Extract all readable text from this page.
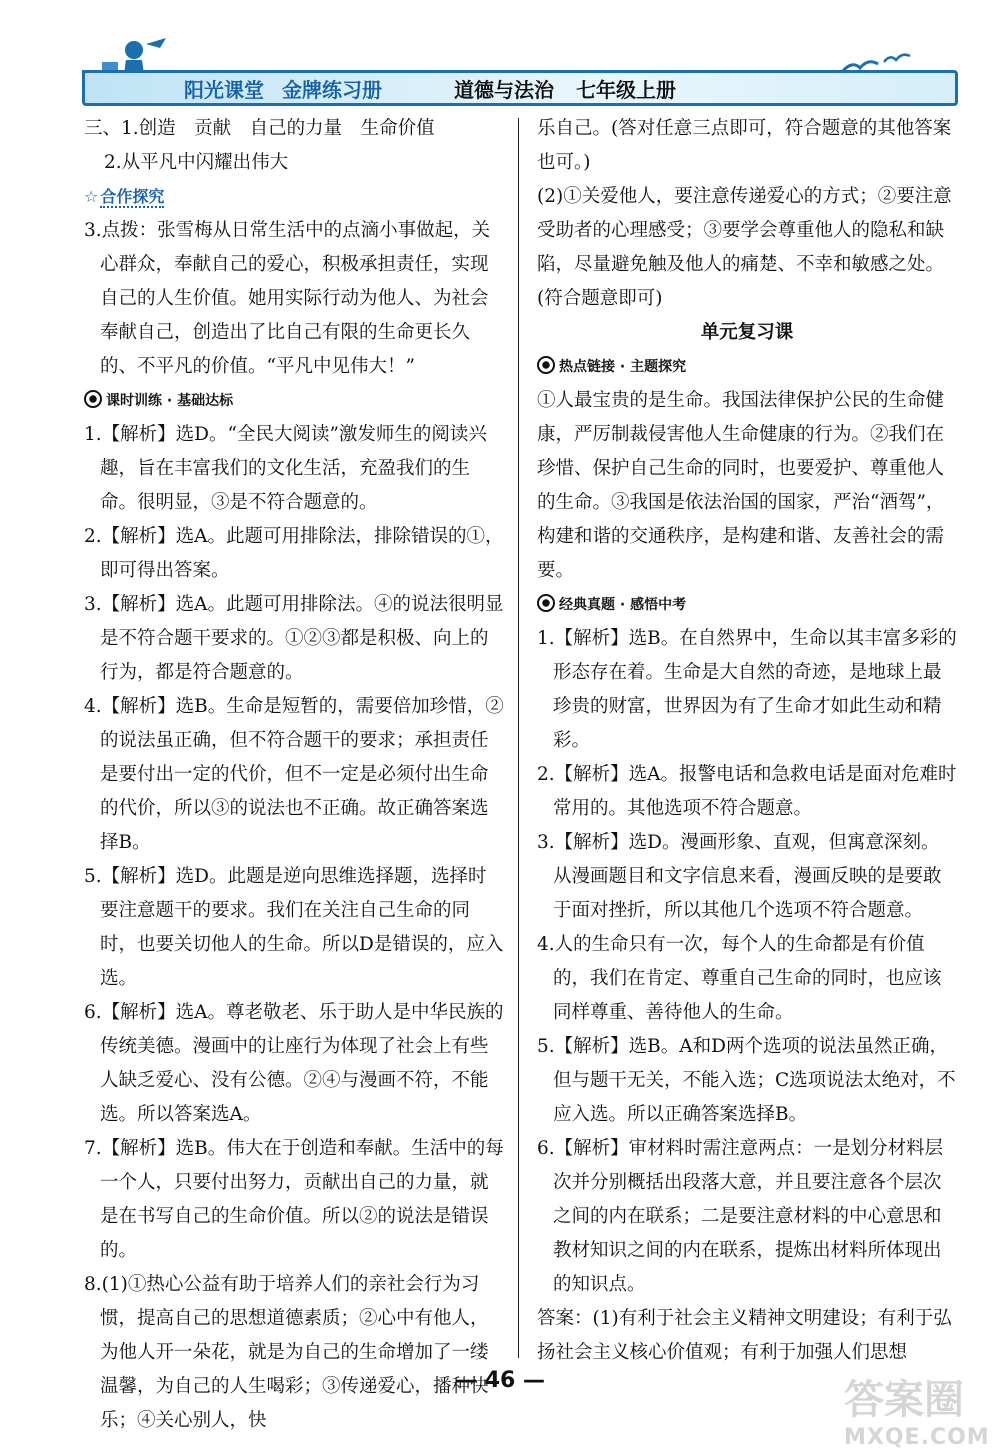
阳光课堂 金牌练习册	道德与法治 七年级上册

三、1.创造　贡献　自己的力量　生命价值

2.从平凡中闪耀出伟大

☆ 合作探究

3.点拨：张雪梅从日常生活中的点滴小事做起，关心群众，奉献自己的爱心，积极承担责任，实现自己的人生价值。她用实际行动为他人、为社会奉献自己，创造出了比自己有限的生命更长久的、不平凡的价值。“平凡中见伟大！”

课时训练 · 基础达标

1.【解析】选D。“全民大阅读”激发师生的阅读兴趣，旨在丰富我们的文化生活，充盈我们的生命。很明显，③是不符合题意的。

2.【解析】选A。此题可用排除法，排除错误的①，即可得出答案。

3.【解析】选A。此题可用排除法。④的说法很明显是不符合题干要求的。①②③都是积极、向上的行为，都是符合题意的。

4.【解析】选B。生命是短暂的，需要倍加珍惜，②的说法虽正确，但不符合题干的要求；承担责任是要付出一定的代价，但不一定是必须付出生命的代价，所以③的说法也不正确。故正确答案选择B。

5.【解析】选D。此题是逆向思维选择题，选择时要注意题干的要求。我们在关注自己生命的同时，也要关切他人的生命。所以D是错误的，应入选。

6.【解析】选A。尊老敬老、乐于助人是中华民族的传统美德。漫画中的让座行为体现了社会上有些人缺乏爱心、没有公德。②④与漫画不符，不能选。所以答案选A。

7.【解析】选B。伟大在于创造和奉献。生活中的每一个人，只要付出努力，贡献出自己的力量，就是在书写自己的生命价值。所以②的说法是错误的。

8.(1)①热心公益有助于培养人们的亲社会行为习惯，提高自己的思想道德素质；②心中有他人，为他人开一朵花，就是为自己的生命增加了一缕温馨，为自己的人生喝彩；③传递爱心，播种快乐；④关心别人，快

乐自己。(答对任意三点即可，符合题意的其他答案也可。)

(2)①关爱他人，要注意传递爱心的方式；②要注意受助者的心理感受；③要学会尊重他人的隐私和缺陷，尽量避免触及他人的痛楚、不幸和敏感之处。(符合题意即可)

单元复习课

热点链接 · 主题探究

①人最宝贵的是生命。我国法律保护公民的生命健康，严厉制裁侵害他人生命健康的行为。②我们在珍惜、保护自己生命的同时，也要爱护、尊重他人的生命。③我国是依法治国的国家，严治“酒驾”，构建和谐的交通秩序，是构建和谐、友善社会的需要。

经典真题 · 感悟中考

1.【解析】选B。在自然界中，生命以其丰富多彩的形态存在着。生命是大自然的奇迹，是地球上最珍贵的财富，世界因为有了生命才如此生动和精彩。

2.【解析】选A。报警电话和急救电话是面对危难时常用的。其他选项不符合题意。

3.【解析】选D。漫画形象、直观，但寓意深刻。从漫画题目和文字信息来看，漫画反映的是要敢于面对挫折，所以其他几个选项不符合题意。

4.人的生命只有一次，每个人的生命都是有价值的，我们在肯定、尊重自己生命的同时，也应该同样尊重、善待他人的生命。

5.【解析】选B。A和D两个选项的说法虽然正确，但与题干无关，不能入选；C选项说法太绝对，不应入选。所以正确答案选择B。

6.【解析】审材料时需注意两点：一是划分材料层次并分别概括出段落大意，并且要注意各个层次之间的内在联系；二是要注意材料的中心意思和教材知识之间的内在联系，提炼出材料所体现出的知识点。

答案：(1)有利于社会主义精神文明建设；有利于弘扬社会主义核心价值观；有利于加强人们思想

— 46 —	答案圈
MXQE.COM
